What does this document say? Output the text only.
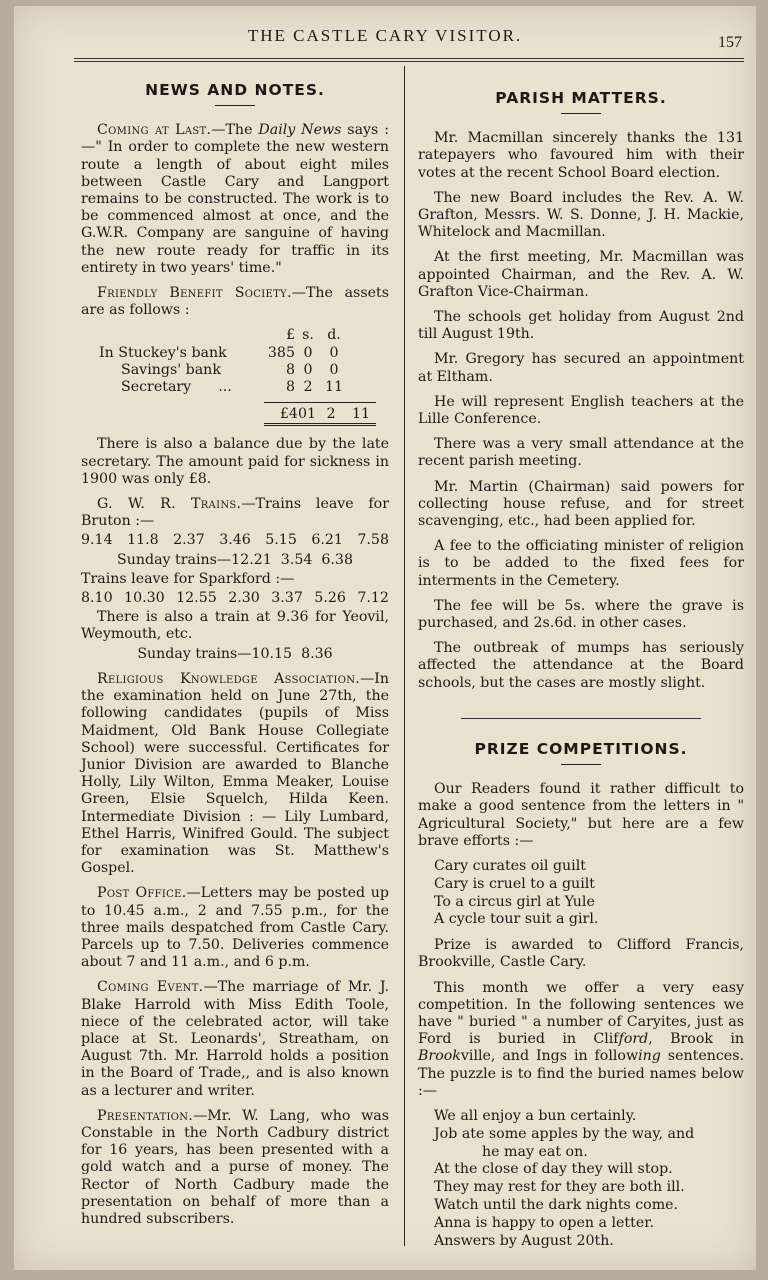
THE CASTLE CARY VISITOR.	157
NEWS AND NOTES.

Coming at Last.—The Daily News says :—" In order to complete the new western route a length of about eight miles between Castle Cary and Langport remains to be constructed. The work is to be commenced almost at once, and the G.W.R. Company are sanguine of having the new route ready for traffic in its entirety in two years' time."

Friendly Benefit Society.—The assets are as follows :

£ s. d.
In Stuckey's bank	385 0	0
Savings' bank	8 0	0
Secretary      ...	8 2 11
£401 2	11

There is also a balance due by the late secretary. The amount paid for sickness in 1900 was only £8.

G. W. R. Trains.—Trains leave for Bruton :—

9.14 11.8 2.37 3.46 5.15 6.21 7.58
Sunday trains—12.21  3.54  6.38
Trains leave for Sparkford :—
8.10 10.30 12.55 2.30 3.37 5.26 7.12

There is also a train at 9.36 for Yeovil, Weymouth, etc.

Sunday trains—10.15  8.36

Religious Knowledge Association.—In the examination held on June 27th, the following candidates (pupils of Miss Maidment, Old Bank House Collegiate School) were successful. Certificates for Junior Division are awarded to Blanche Holly, Lily Wilton, Emma Meaker, Louise Green, Elsie Squelch, Hilda Keen. Intermediate Division : — Lily Lumbard, Ethel Harris, Winifred Gould. The subject for examination was St. Matthew's Gospel.

Post Office.—Letters may be posted up to 10.45 a.m., 2 and 7.55 p.m., for the three mails despatched from Castle Cary. Parcels up to 7.50. Deliveries commence about 7 and 11 a.m., and 6 p.m.

Coming Event.—The marriage of Mr. J. Blake Harrold with Miss Edith Toole, niece of the celebrated actor, will take place at St. Leonards', Streatham, on August 7th. Mr. Harrold holds a position in the Board of Trade,, and is also known as a lecturer and writer.

Presentation.—Mr. W. Lang, who was Constable in the North Cadbury district for 16 years, has been presented with a gold watch and a purse of money. The Rector of North Cadbury made the presentation on behalf of more than a hundred subscribers.

PARISH MATTERS.

Mr. Macmillan sincerely thanks the 131 ratepayers who favoured him with their votes at the recent School Board election.

The new Board includes the Rev. A. W. Grafton, Messrs. W. S. Donne, J. H. Mackie, Whitelock and Macmillan.

At the first meeting, Mr. Macmillan was appointed Chairman, and the Rev. A. W. Grafton Vice-Chairman.

The schools get holiday from August 2nd till August 19th.

Mr. Gregory has secured an appointment at Eltham.

He will represent English teachers at the Lille Conference.

There was a very small attendance at the recent parish meeting.

Mr. Martin (Chairman) said powers for collecting house refuse, and for street scavenging, etc., had been applied for.

A fee to the officiating minister of religion is to be added to the fixed fees for interments in the Cemetery.

The fee will be 5s. where the grave is purchased, and 2s.6d. in other cases.

The outbreak of mumps has seriously affected the attendance at the Board schools, but the cases are mostly slight.

PRIZE COMPETITIONS.

Our Readers found it rather difficult to make a good sentence from the letters in " Agricultural Society," but here are a few brave efforts :—

Cary curates oil guilt
Cary is cruel to a guilt
To a circus girl at Yule
A cycle tour suit a girl.

Prize is awarded to Clifford Francis, Brookville, Castle Cary.

This month we offer a very easy competition. In the following sentences we have " buried " a number of Caryites, just as Ford is buried in Clifford, Brook in Brookville, and Ings in following sentences. The puzzle is to find the buried names below :—

We all enjoy a bun certainly.
Job ate some apples by the way, and
he may eat on.
At the close of day they will stop.
They may rest for they are both ill.
Watch until the dark nights come.
Anna is happy to open a letter.
Answers by August 20th.
